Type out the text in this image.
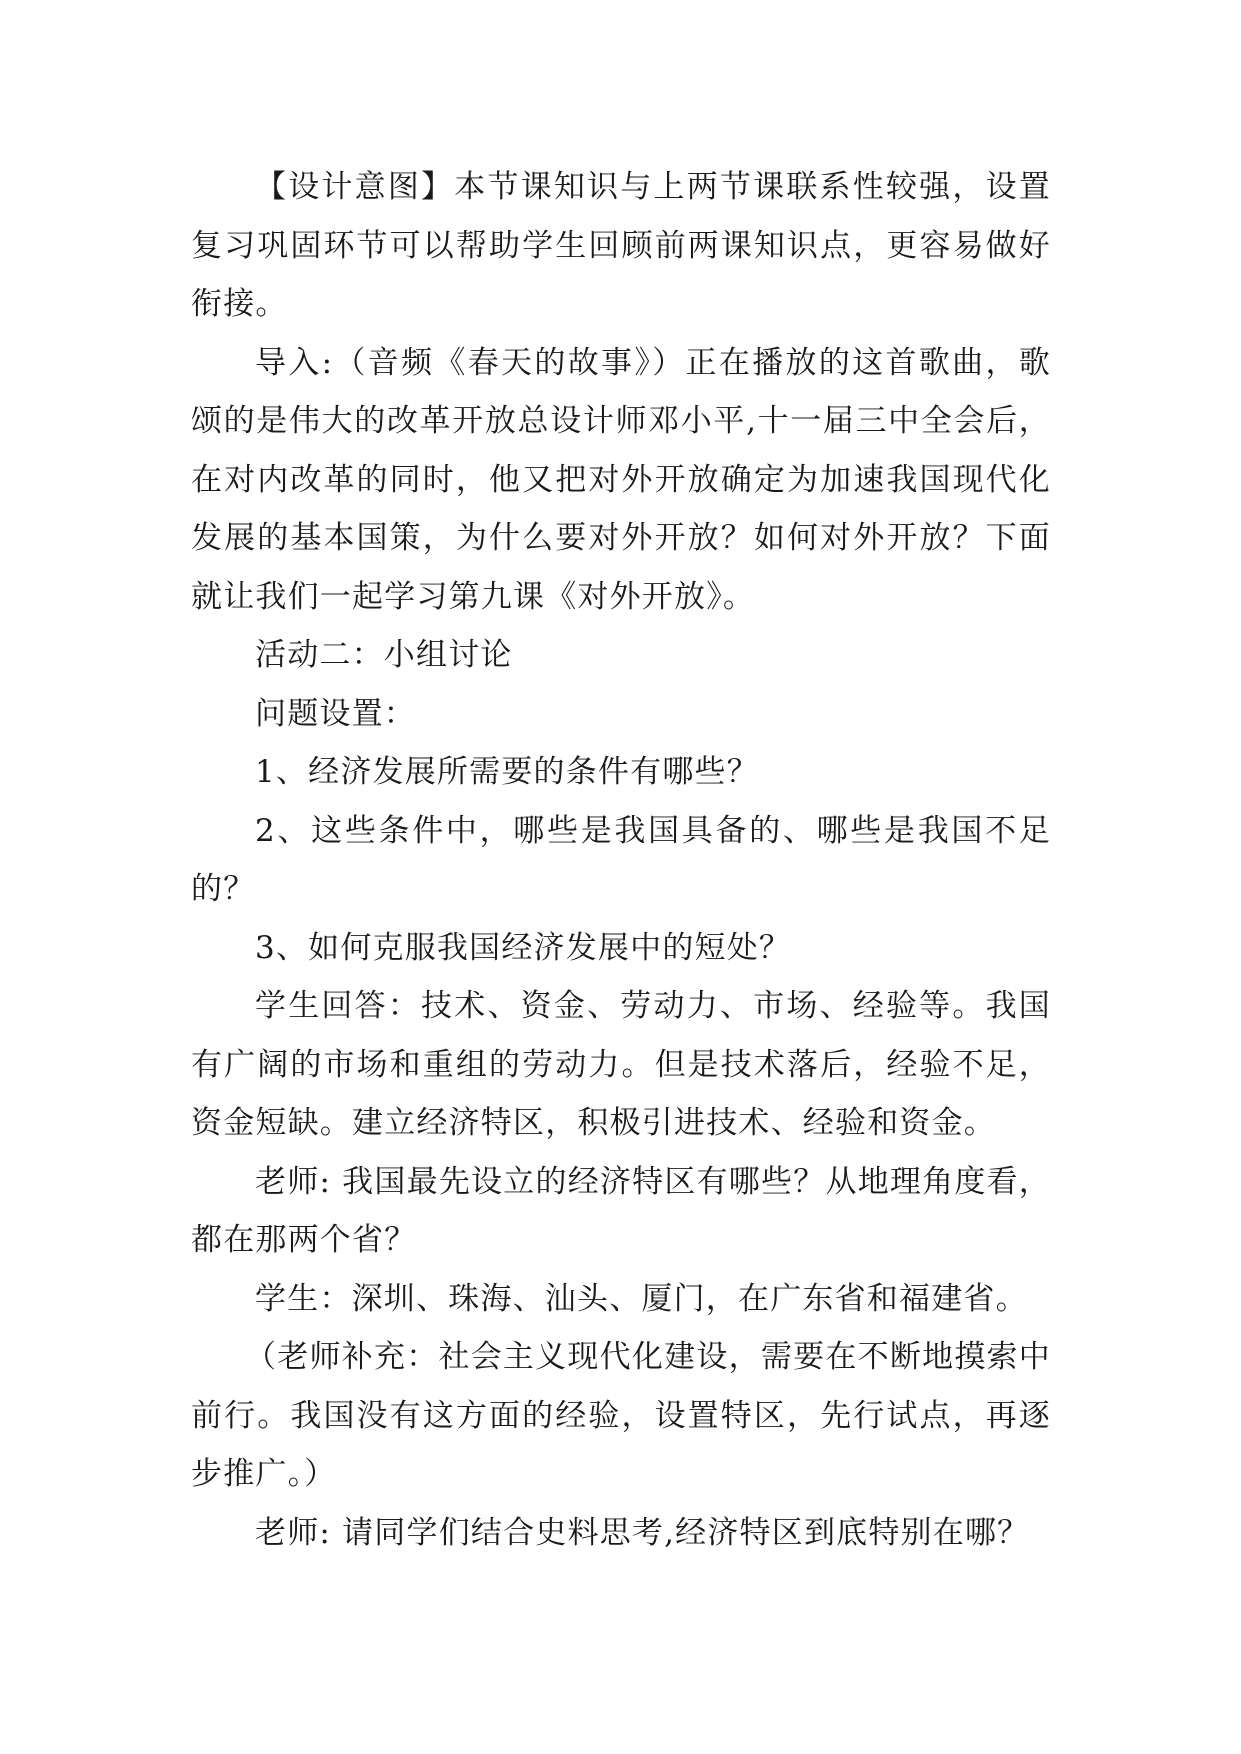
【设计意图】本节课知识与上两节课联系性较强，设置复习巩固环节可以帮助学生回顾前两课知识点，更容易做好衔接。

导入:（音频《春天的故事》）正在播放的这首歌曲，歌颂的是伟大的改革开放总设计师邓小平,十一届三中全会后，在对内改革的同时，他又把对外开放确定为加速我国现代化发展的基本国策，为什么要对外开放？如何对外开放？下面就让我们一起学习第九课《对外开放》。

活动二：小组讨论

问题设置：

1、经济发展所需要的条件有哪些？

2、这些条件中，哪些是我国具备的、哪些是我国不足的？

3、如何克服我国经济发展中的短处？

学生回答：技术、资金、劳动力、市场、经验等。我国有广阔的市场和重组的劳动力。但是技术落后，经验不足，资金短缺。建立经济特区，积极引进技术、经验和资金。

老师: 我国最先设立的经济特区有哪些？从地理角度看，都在那两个省？

学生：深圳、珠海、汕头、厦门，在广东省和福建省。

（老师补充：社会主义现代化建设，需要在不断地摸索中前行。我国没有这方面的经验，设置特区，先行试点，再逐步推广。）

老师: 请同学们结合史料思考,经济特区到底特别在哪？
